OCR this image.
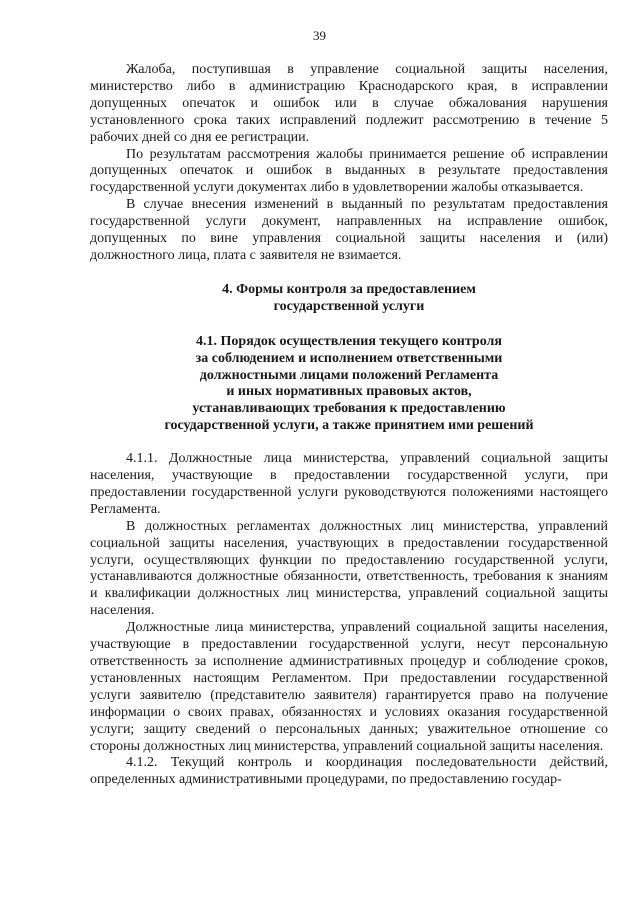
39

Жалоба, поступившая в управление социальной защиты населения, министерство либо в администрацию Краснодарского края, в исправлении допущенных опечаток и ошибок или в случае обжалования нарушения установленного срока таких исправлений подлежит рассмотрению в течение 5 рабочих дней со дня ее регистрации.

По результатам рассмотрения жалобы принимается решение об исправлении допущенных опечаток и ошибок в выданных в результате предоставления государственной услуги документах либо в удовлетворении жалобы отказывается.

В случае внесения изменений в выданный по результатам предоставления государственной услуги документ, направленных на исправление ошибок, допущенных по вине управления социальной защиты населения и (или) должностного лица, плата с заявителя не взимается.

4. Формы контроля за предоставлением
государственной услуги
4.1. Порядок осуществления текущего контроля
за соблюдением и исполнением ответственными
должностными лицами положений Регламента
и иных нормативных правовых актов,
устанавливающих требования к предоставлению
государственной услуги, а также принятием ими решений

4.1.1. Должностные лица министерства, управлений социальной защиты населения, участвующие в предоставлении государственной услуги, при предоставлении государственной услуги руководствуются положениями настоящего Регламента.

В должностных регламентах должностных лиц министерства, управлений социальной защиты населения, участвующих в предоставлении государственной услуги, осуществляющих функции по предоставлению государственной услуги, устанавливаются должностные обязанности, ответственность, требования к знаниям и квалификации должностных лиц министерства, управлений социальной защиты населения.

Должностные лица министерства, управлений социальной защиты населения, участвующие в предоставлении государственной услуги, несут персональную ответственность за исполнение административных процедур и соблюдение сроков, установленных настоящим Регламентом. При предоставлении государственной услуги заявителю (представителю заявителя) гарантируется право на получение информации о своих правах, обязанностях и условиях оказания государственной услуги; защиту сведений о персональных данных; уважительное отношение со стороны должностных лиц министерства, управлений социальной защиты населения.

4.1.2. Текущий контроль и координация последовательности действий, определенных административными процедурами, по предоставлению государ-
